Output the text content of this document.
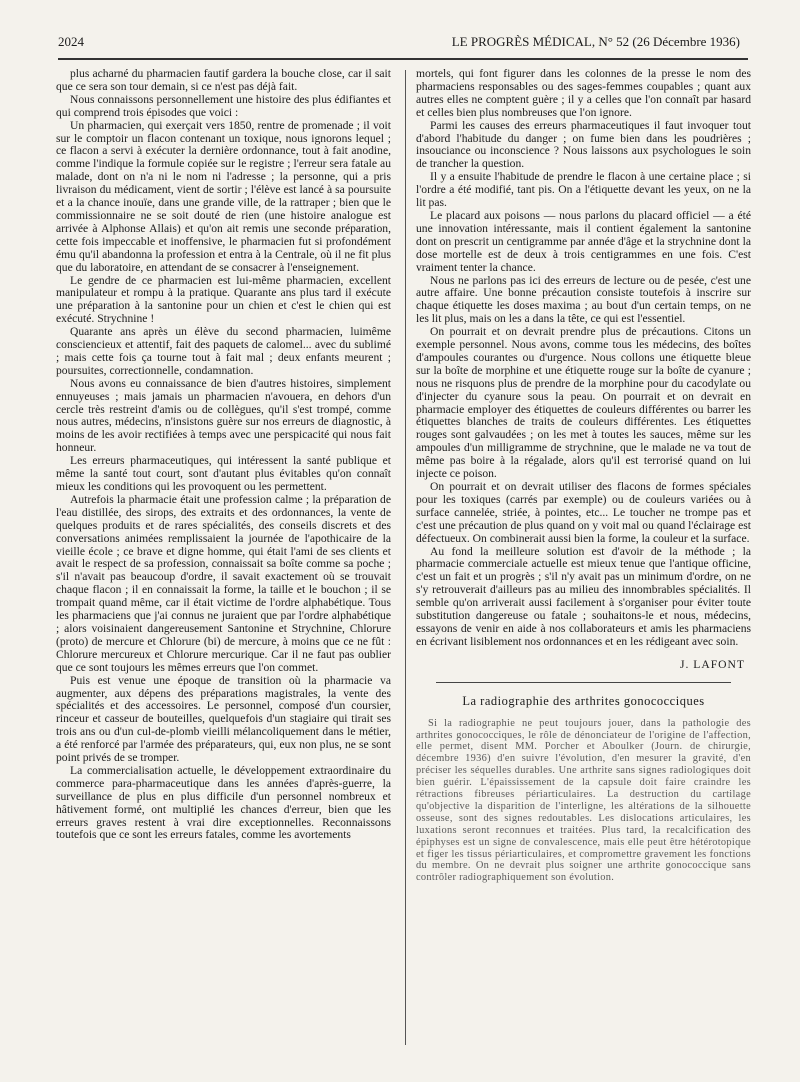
2024	LE PROGRÈS MÉDICAL, N° 52 (26 Décembre 1936)

plus acharné du pharmacien fautif gardera la bouche close, car il sait que ce sera son tour demain, si ce n'est pas déjà fait.

Nous connaissons personnellement une histoire des plus édifiantes et qui comprend trois épisodes que voici :

Un pharmacien, qui exerçait vers 1850, rentre de promenade ; il voit sur le comptoir un flacon contenant un toxique, nous ignorons lequel ; ce flacon a servi à exécuter la dernière ordonnance, tout à fait anodine, comme l'indique la formule copiée sur le registre ; l'erreur sera fatale au malade, dont on n'a ni le nom ni l'adresse ; la personne, qui a pris livraison du médicament, vient de sortir ; l'élève est lancé à sa poursuite et a la chance inouïe, dans une grande ville, de la rattraper ; bien que le commissionnaire ne se soit douté de rien (une histoire analogue est arrivée à Alphonse Allais) et qu'on ait remis une seconde préparation, cette fois impeccable et inoffensive, le pharmacien fut si profondément ému qu'il abandonna la profession et entra à la Centrale, où il ne fit plus que du laboratoire, en attendant de se consacrer à l'enseignement.

Le gendre de ce pharmacien est lui-même pharmacien, excellent manipulateur et rompu à la pratique. Quarante ans plus tard il exécute une préparation à la santonine pour un chien et c'est le chien qui est exécuté. Strychnine !

Quarante ans après un élève du second pharmacien, luimême consciencieux et attentif, fait des paquets de calomel... avec du sublimé ; mais cette fois ça tourne tout à fait mal ; deux enfants meurent ; poursuites, correctionnelle, condamnation.

Nous avons eu connaissance de bien d'autres histoires, simplement ennuyeuses ; mais jamais un pharmacien n'avouera, en dehors d'un cercle très restreint d'amis ou de collègues, qu'il s'est trompé, comme nous autres, médecins, n'insistons guère sur nos erreurs de diagnostic, à moins de les avoir rectifiées à temps avec une perspicacité qui nous fait honneur.

Les erreurs pharmaceutiques, qui intéressent la santé publique et même la santé tout court, sont d'autant plus évitables qu'on connaît mieux les conditions qui les provoquent ou les permettent.

Autrefois la pharmacie était une profession calme ; la préparation de l'eau distillée, des sirops, des extraits et des ordonnances, la vente de quelques produits et de rares spécialités, des conseils discrets et des conversations animées remplissaient la journée de l'apothicaire de la vieille école ; ce brave et digne homme, qui était l'ami de ses clients et avait le respect de sa profession, connaissait sa boîte comme sa poche ; s'il n'avait pas beaucoup d'ordre, il savait exactement où se trouvait chaque flacon ; il en connaissait la forme, la taille et le bouchon ; il se trompait quand même, car il était victime de l'ordre alphabétique. Tous les pharmaciens que j'ai connus ne juraient que par l'ordre alphabétique ; alors voisinaient dangereusement Santonine et Strychnine, Chlorure (proto) de mercure et Chlorure (bi) de mercure, à moins que ce ne fût : Chlorure mercureux et Chlorure mercurique. Car il ne faut pas oublier que ce sont toujours les mêmes erreurs que l'on commet.

Puis est venue une époque de transition où la pharmacie va augmenter, aux dépens des préparations magistrales, la vente des spécialités et des accessoires. Le personnel, composé d'un coursier, rinceur et casseur de bouteilles, quelquefois d'un stagiaire qui tirait ses trois ans ou d'un cul-de-plomb vieilli mélancoliquement dans le métier, a été renforcé par l'armée des préparateurs, qui, eux non plus, ne se sont point privés de se tromper.

La commercialisation actuelle, le développement extraordinaire du commerce para-pharmaceutique dans les années d'après-guerre, la surveillance de plus en plus difficile d'un personnel nombreux et hâtivement formé, ont multiplié les chances d'erreur, bien que les erreurs graves restent à vrai dire exceptionnelles. Reconnaissons toutefois que ce sont les erreurs fatales, comme les avortements

mortels, qui font figurer dans les colonnes de la presse le nom des pharmaciens responsables ou des sages-femmes coupables ; quant aux autres elles ne comptent guère ; il y a celles que l'on connaît par hasard et celles bien plus nombreuses que l'on ignore.

Parmi les causes des erreurs pharmaceutiques il faut invoquer tout d'abord l'habitude du danger ; on fume bien dans les poudrières ; insouciance ou inconscience ? Nous laissons aux psychologues le soin de trancher la question.

Il y a ensuite l'habitude de prendre le flacon à une certaine place ; si l'ordre a été modifié, tant pis. On a l'étiquette devant les yeux, on ne la lit pas.

Le placard aux poisons — nous parlons du placard officiel — a été une innovation intéressante, mais il contient également la santonine dont on prescrit un centigramme par année d'âge et la strychnine dont la dose mortelle est de deux à trois centigrammes en une fois. C'est vraiment tenter la chance.

Nous ne parlons pas ici des erreurs de lecture ou de pesée, c'est une autre affaire. Une bonne précaution consiste toutefois à inscrire sur chaque étiquette les doses maxima ; au bout d'un certain temps, on ne les lit plus, mais on les a dans la tête, ce qui est l'essentiel.

On pourrait et on devrait prendre plus de précautions. Citons un exemple personnel. Nous avons, comme tous les médecins, des boîtes d'ampoules courantes ou d'urgence. Nous collons une étiquette bleue sur la boîte de morphine et une étiquette rouge sur la boîte de cyanure ; nous ne risquons plus de prendre de la morphine pour du cacodylate ou d'injecter du cyanure sous la peau. On pourrait et on devrait en pharmacie employer des étiquettes de couleurs différentes ou barrer les étiquettes blanches de traits de couleurs différentes. Les étiquettes rouges sont galvaudées ; on les met à toutes les sauces, même sur les ampoules d'un milligramme de strychnine, que le malade ne va tout de même pas boire à la régalade, alors qu'il est terrorisé quand on lui injecte ce poison.

On pourrait et on devrait utiliser des flacons de formes spéciales pour les toxiques (carrés par exemple) ou de couleurs variées ou à surface cannelée, striée, à pointes, etc... Le toucher ne trompe pas et c'est une précaution de plus quand on y voit mal ou quand l'éclairage est défectueux. On combinerait aussi bien la forme, la couleur et la surface.

Au fond la meilleure solution est d'avoir de la méthode ; la pharmacie commerciale actuelle est mieux tenue que l'antique officine, c'est un fait et un progrès ; s'il n'y avait pas un minimum d'ordre, on ne s'y retrouverait d'ailleurs pas au milieu des innombrables spécialités. Il semble qu'on arriverait aussi facilement à s'organiser pour éviter toute substitution dangereuse ou fatale ; souhaitons-le et nous, médecins, essayons de venir en aide à nos collaborateurs et amis les pharmaciens en écrivant lisiblement nos ordonnances et en les rédigeant avec soin.

J. LAFONT
La radiographie des arthrites gonococciques

Si la radiographie ne peut toujours jouer, dans la pathologie des arthrites gonococciques, le rôle de dénonciateur de l'origine de l'affection, elle permet, disent MM. Porcher et Aboulker (Journ. de chirurgie, décembre 1936) d'en suivre l'évolution, d'en mesurer la gravité, d'en préciser les séquelles durables. Une arthrite sans signes radiologiques doit bien guérir. L'épaississement de la capsule doit faire craindre les rétractions fibreuses périarticulaires. La destruction du cartilage qu'objective la disparition de l'interligne, les altérations de la silhouette osseuse, sont des signes redoutables. Les dislocations articulaires, les luxations seront reconnues et traitées. Plus tard, la recalcification des épiphyses est un signe de convalescence, mais elle peut être hétérotopique et figer les tissus périarticulaires, et compromettre gravement les fonctions du membre. On ne devrait plus soigner une arthrite gonococcique sans contrôler radiographiquement son évolution.
